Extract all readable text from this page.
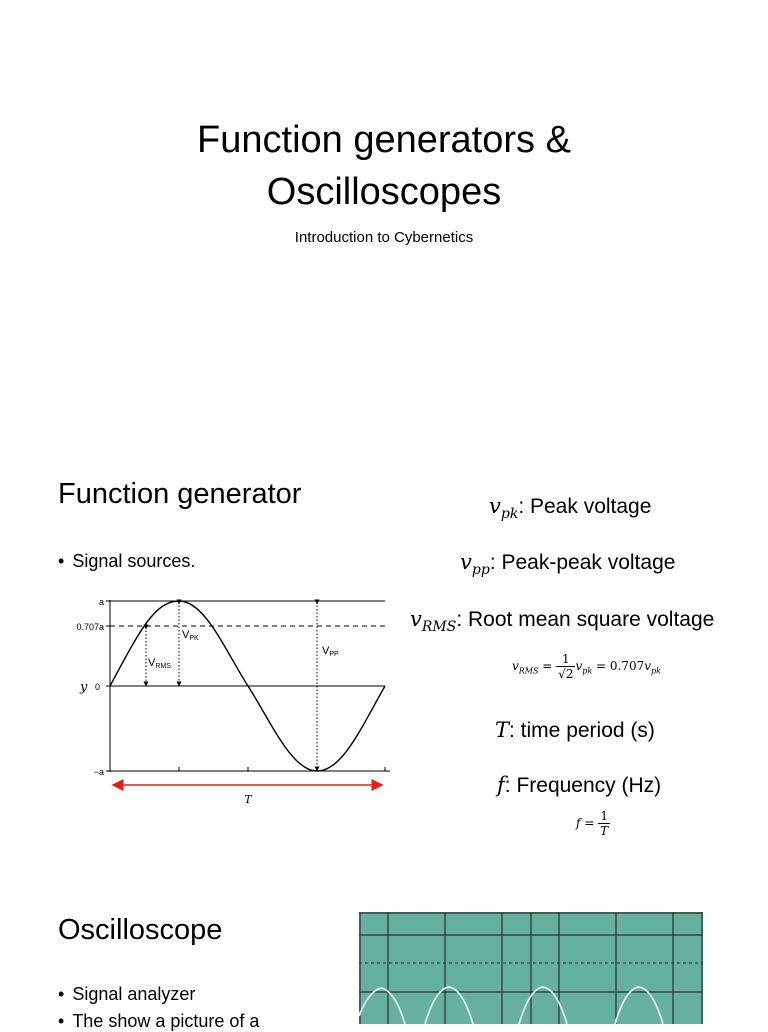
Function generators &
Oscilloscopes
Introduction to Cybernetics
Function generator
• Signal sources.
a
0.707a
0
−a
y
VRMS
VPK
VPP
T
$v_{pk}$: Peak voltage
$v_{pp}$: Peak-peak voltage
$v_{RMS}$: Root mean square voltage
$v_{RMS} = \frac{1}{√2} v_{pk} = 0.707v_{pk}$
T: time period (s)
f: Frequency (Hz)
$f = \frac{1}{T}$
Oscilloscope
• Signal analyzer
• The show a picture of a
